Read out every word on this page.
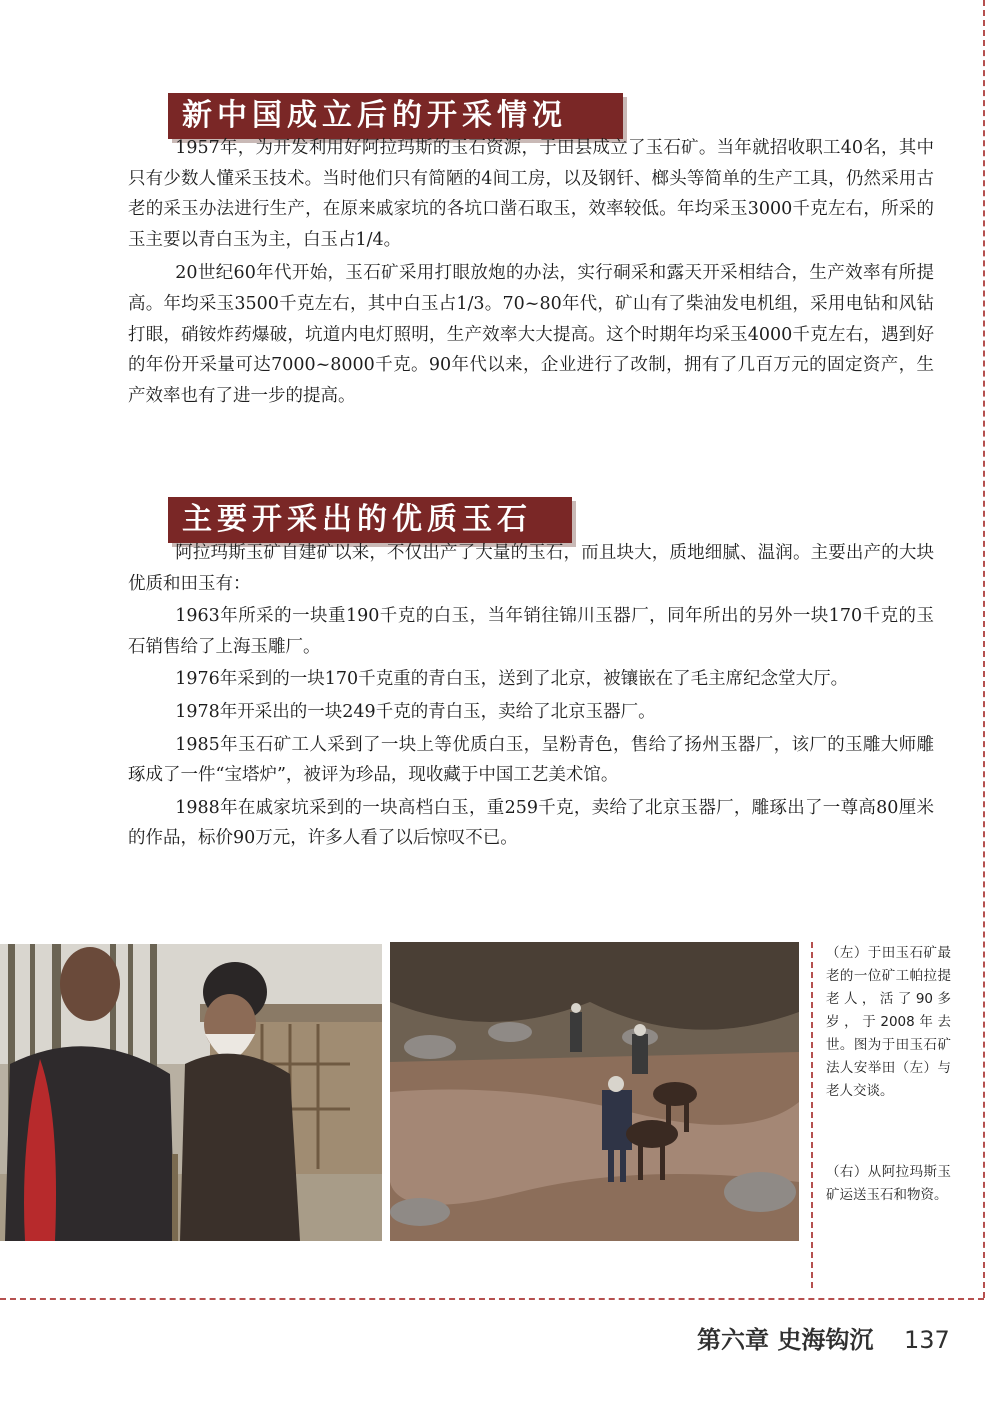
新中国成立后的开采情况

1957年，为开发利用好阿拉玛斯的玉石资源，于田县成立了玉石矿。当年就招收职工40名，其中只有少数人懂采玉技术。当时他们只有简陋的4间工房，以及钢钎、榔头等简单的生产工具，仍然采用古老的采玉办法进行生产，在原来戚家坑的各坑口凿石取玉，效率较低。年均采玉3000千克左右，所采的玉主要以青白玉为主，白玉占1/4。

20世纪60年代开始，玉石矿采用打眼放炮的办法，实行硐采和露天开采相结合，生产效率有所提高。年均采玉3500千克左右，其中白玉占1/3。70~80年代，矿山有了柴油发电机组，采用电钻和风钻打眼，硝铵炸药爆破，坑道内电灯照明，生产效率大大提高。这个时期年均采玉4000千克左右，遇到好的年份开采量可达7000~8000千克。90年代以来，企业进行了改制，拥有了几百万元的固定资产，生产效率也有了进一步的提高。

主要开采出的优质玉石

阿拉玛斯玉矿自建矿以来，不仅出产了大量的玉石，而且块大，质地细腻、温润。主要出产的大块优质和田玉有：

1963年所采的一块重190千克的白玉，当年销往锦川玉器厂，同年所出的另外一块170千克的玉石销售给了上海玉雕厂。

1976年采到的一块170千克重的青白玉，送到了北京，被镶嵌在了毛主席纪念堂大厅。

1978年开采出的一块249千克的青白玉，卖给了北京玉器厂。

1985年玉石矿工人采到了一块上等优质白玉，呈粉青色，售给了扬州玉器厂，该厂的玉雕大师雕琢成了一件“宝塔炉”，被评为珍品，现收藏于中国工艺美术馆。

1988年在戚家坑采到的一块高档白玉，重259千克，卖给了北京玉器厂，雕琢出了一尊高80厘米的作品，标价90万元，许多人看了以后惊叹不已。

（左）于田玉石矿最老的一位矿工帕拉提老人，活了90多岁，于2008年去世。图为于田玉石矿法人安举田（左）与老人交谈。
（右）从阿拉玛斯玉矿运送玉石和物资。
第六章 史海钩沉	137
